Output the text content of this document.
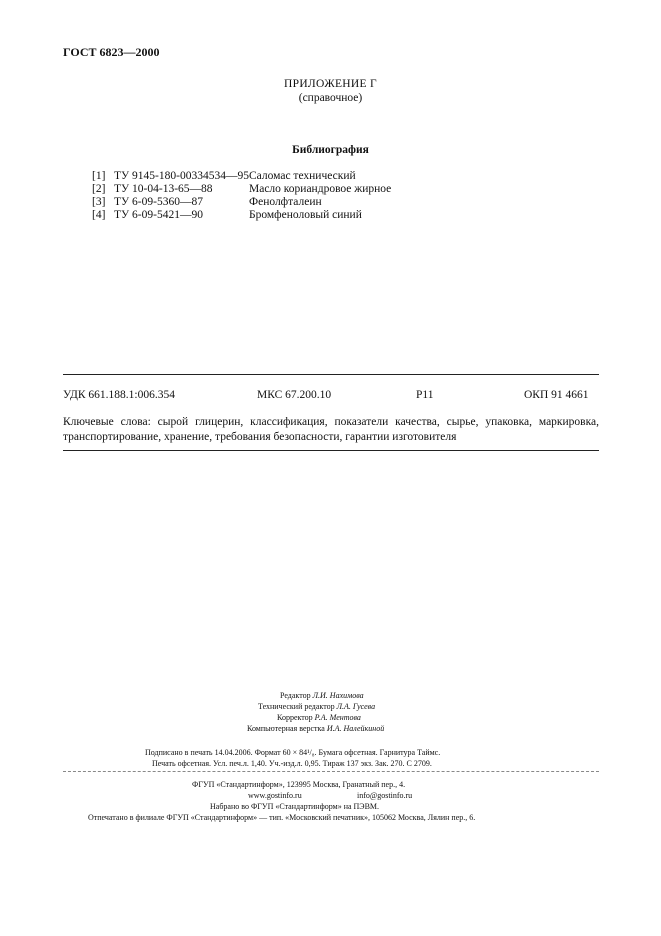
ГОСТ 6823—2000
ПРИЛОЖЕНИЕ Г
(справочное)
Библиография
[1] ТУ 9145-180-00334534—95 Саломас технический
[2] ТУ 10-04-13-65—88	Масло кориандровое жирное
[3] ТУ 6-09-5360—87	Фенолфталеин
[4] ТУ 6-09-5421—90	Бромфеноловый синий
УДК 661.188.1:006.354	МКС 67.200.10	Р11	ОКП 91 4661
Ключевые слова: сырой глицерин, классификация, показатели качества, сырье, упаковка, маркировка, транспортирование, хранение, требования безопасности, гарантии изготовителя
Редактор Л.И. Нахимова
Технический редактор Л.А. Гусева
Корректор Р.А. Ментова
Компьютерная верстка И.А. Налейкиной
Подписано в печать 14.04.2006. Формат 60 × 84¹/₈. Бумага офсетная. Гарнитура Таймс.
Печать офсетная. Усл. печ.л. 1,40. Уч.-изд.л. 0,95. Тираж 137 экз. Зак. 270. С 2709.
ФГУП «Стандартинформ», 123995 Москва, Гранатный пер., 4.
www.gostinfo.ru	info@gostinfo.ru
Набрано во ФГУП «Стандартинформ» на ПЭВМ.
Отпечатано в филиале ФГУП «Стандартинформ» — тип. «Московский печатник», 105062 Москва, Лялин пер., 6.
